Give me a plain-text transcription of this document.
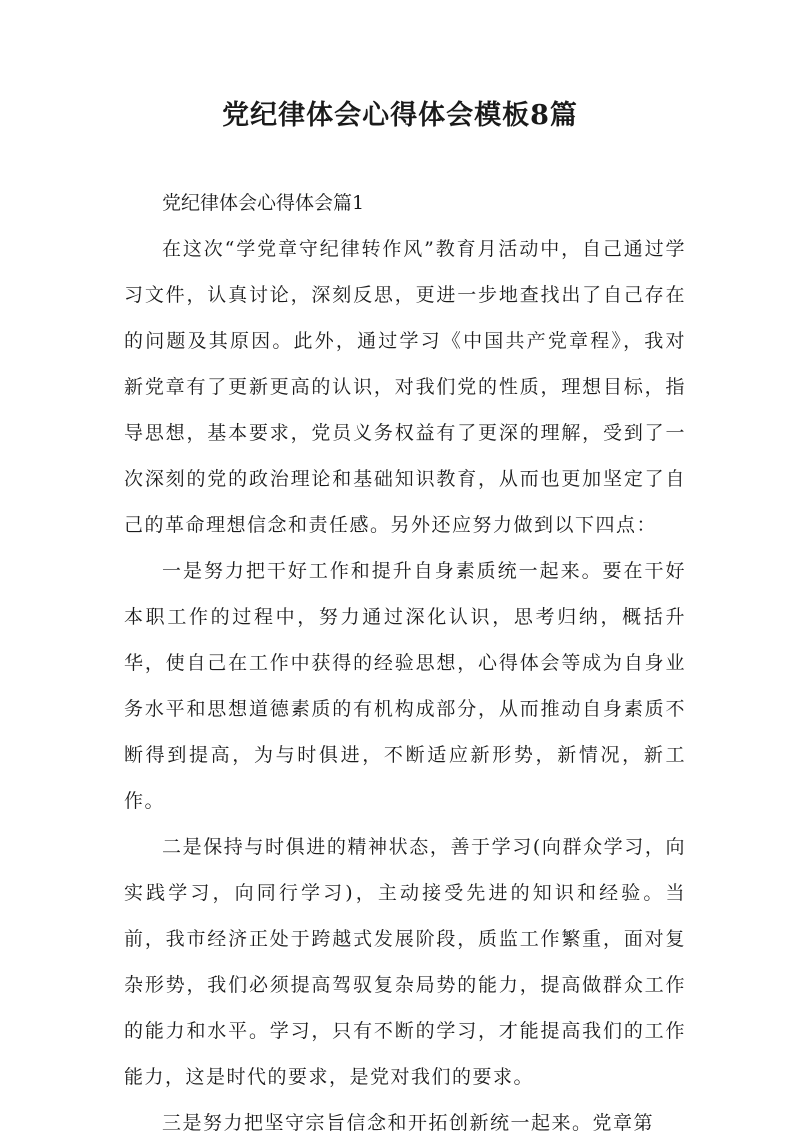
党纪律体会心得体会模板8篇

党纪律体会心得体会篇1

在这次“学党章守纪律转作风”教育月活动中，自己通过学习文件，认真讨论，深刻反思，更进一步地查找出了自己存在的问题及其原因。此外，通过学习《中国共产党章程》，我对新党章有了更新更高的认识，对我们党的性质，理想目标，指导思想，基本要求，党员义务权益有了更深的理解，受到了一次深刻的党的政治理论和基础知识教育，从而也更加坚定了自己的革命理想信念和责任感。另外还应努力做到以下四点：

一是努力把干好工作和提升自身素质统一起来。要在干好本职工作的过程中，努力通过深化认识，思考归纳，概括升华，使自己在工作中获得的经验思想，心得体会等成为自身业务水平和思想道德素质的有机构成部分，从而推动自身素质不断得到提高，为与时俱进，不断适应新形势，新情况，新工作。

二是保持与时俱进的精神状态，善于学习(向群众学习，向实践学习，向同行学习)，主动接受先进的知识和经验。当前，我市经济正处于跨越式发展阶段，质监工作繁重，面对复杂形势，我们必须提高驾驭复杂局势的能力，提高做群众工作的能力和水平。学习，只有不断的学习，才能提高我们的工作能力，这是时代的要求，是党对我们的要求。

三是努力把坚守宗旨信念和开拓创新统一起来。党章第
